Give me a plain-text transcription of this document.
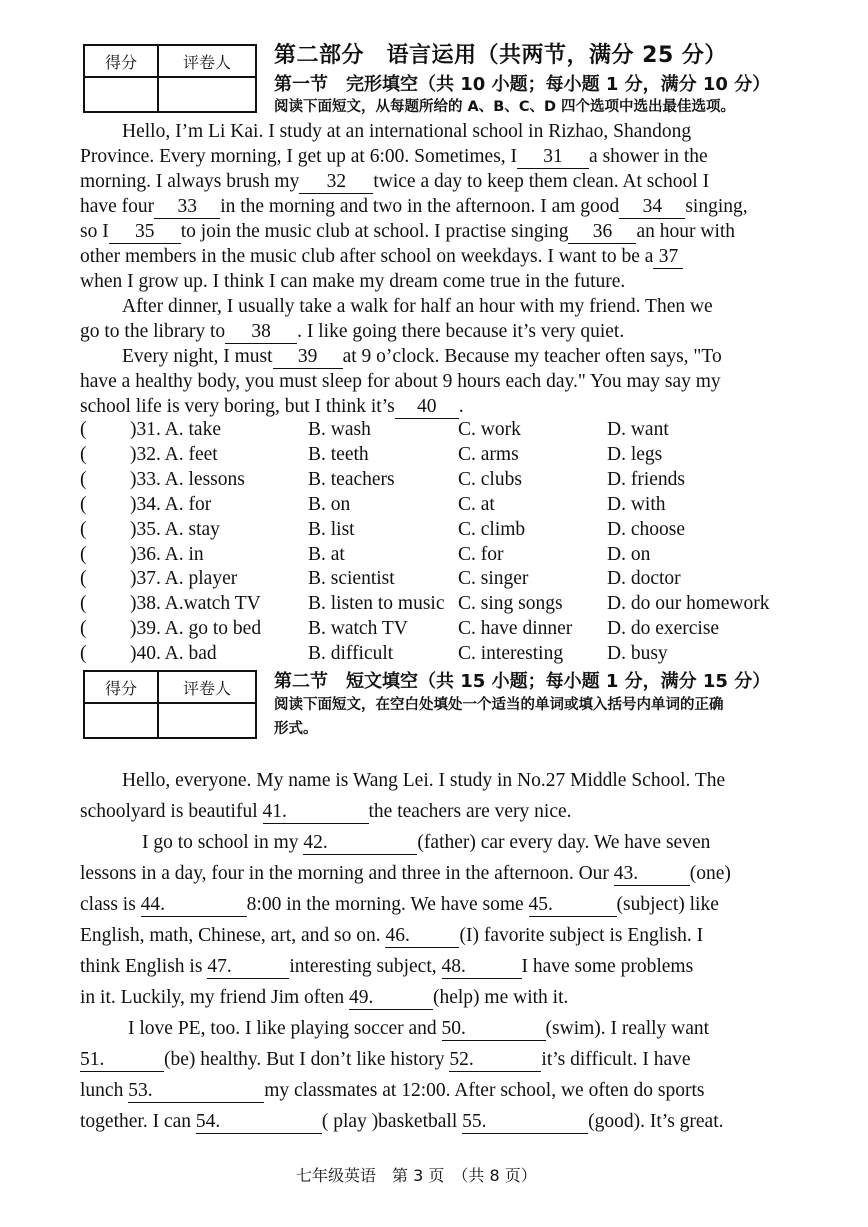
得分	评卷人
	第二部分　语言运用（共两节，满分 25 分）
第一节　完形填空（共 10 小题；每小题 1 分，满分 10 分）
阅读下面短文，从每题所给的 A、B、C、D 四个选项中选出最佳选项。
Hello, I’m Li Kai. I study at an international school in Rizhao, Shandong
Province. Every morning, I get up at 6:00. Sometimes, I 31 a shower in the
morning. I always brush my 32 twice a day to keep them clean. At school I
have four 33 in the morning and two in the afternoon. I am good 34 singing,
so I 35 to join the music club at school. I practise singing 36 an hour with
other members in the music club after school on weekdays. I want to be a 37
when I grow up. I think I can make my dream come true in the future.
After dinner, I usually take a walk for half an hour with my friend. Then we
go to the library to 38 . I like going there because it’s very quiet.
Every night, I must 39 at 9 o’clock. Because my teacher often says, "To
have a healthy body, you must sleep for about 9 hours each day." You may say my
school life is very boring, but I think it’s 40 .
( )31. A. take	B. wash	C. work	D. want
( )32. A. feet	B. teeth	C. arms	D. legs
( )33. A. lessons	B. teachers	C. clubs	D. friends
( )34. A. for	B. on	C. at	D. with
( )35. A. stay	B. list	C. climb	D. choose
( )36. A. in	B. at	C. for	D. on
( )37. A. player	B. scientist	C. singer	D. doctor
( )38. A.watch TV B. listen to music C. sing songs D. do our homework
( )39. A. go to bed B. watch TV	C. have dinner D. do exercise
( )40. A. bad	B. difficult	C. interesting D. busy
得分	评卷人
	第二节　短文填空（共 15 小题；每小题 1 分，满分 15 分）
阅读下面短文，在空白处填处一个适当的单词或填入括号内单词的正确
形式。
Hello, everyone. My name is Wang Lei. I study in No.27 Middle School. The
schoolyard is beautiful 41.	the teachers are very nice.
I go to school in my 42.	(father) car every day. We have seven
lessons in a day, four in the morning and three in the afternoon. Our 43.	(one)
class is 44.	8:00 in the morning. We have some 45.	(subject) like
English, math, Chinese, art, and so on. 46.	(I) favorite subject is English. I
think English is 47.	interesting subject, 48.	I have some problems
in it. Luckily, my friend Jim often 49.	(help) me with it.
I love PE, too. I like playing soccer and 50.	(swim). I really want
51.	(be) healthy. But I don’t like history 52.	it’s difficult. I have
lunch 53.	my classmates at 12:00. After school, we often do sports
together. I can 54.	( play )basketball 55.	(good). It’s great.
七年级英语　第 3 页　（共 8 页）
